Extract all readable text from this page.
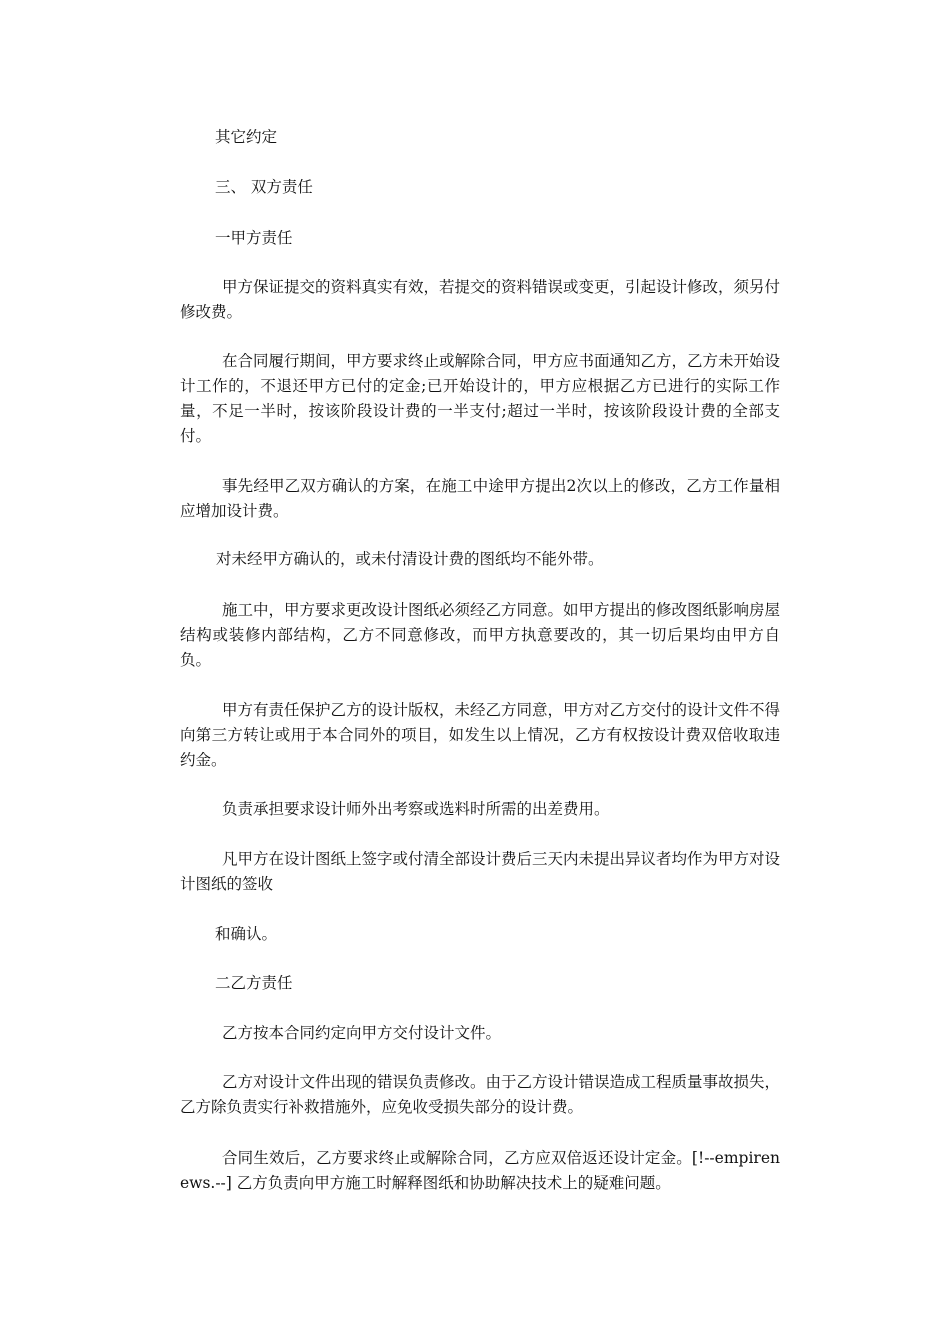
其它约定
三、 双方责任
一甲方责任
甲方保证提交的资料真实有效，若提交的资料错误或变更，引起设计修改，须另付修改费。
在合同履行期间，甲方要求终止或解除合同，甲方应书面通知乙方，乙方未开始设计工作的，不退还甲方已付的定金;已开始设计的，甲方应根据乙方已进行的实际工作量，不足一半时，按该阶段设计费的一半支付;超过一半时，按该阶段设计费的全部支付。
事先经甲乙双方确认的方案，在施工中途甲方提出2次以上的修改，乙方工作量相应增加设计费。
对未经甲方确认的，或未付清设计费的图纸均不能外带。
施工中，甲方要求更改设计图纸必须经乙方同意。如甲方提出的修改图纸影响房屋结构或装修内部结构，乙方不同意修改，而甲方执意要改的，其一切后果均由甲方自负。
甲方有责任保护乙方的设计版权，未经乙方同意，甲方对乙方交付的设计文件不得向第三方转让或用于本合同外的项目，如发生以上情况，乙方有权按设计费双倍收取违约金。
负责承担要求设计师外出考察或选料时所需的出差费用。
凡甲方在设计图纸上签字或付清全部设计费后三天内未提出异议者均作为甲方对设计图纸的签收
和确认。
二乙方责任
乙方按本合同约定向甲方交付设计文件。
乙方对设计文件出现的错误负责修改。由于乙方设计错误造成工程质量事故损失，乙方除负责实行补救措施外，应免收受损失部分的设计费。
合同生效后，乙方要求终止或解除合同，乙方应双倍返还设计定金。[!--empirenews.--] 乙方负责向甲方施工时解释图纸和协助解决技术上的疑难问题。
